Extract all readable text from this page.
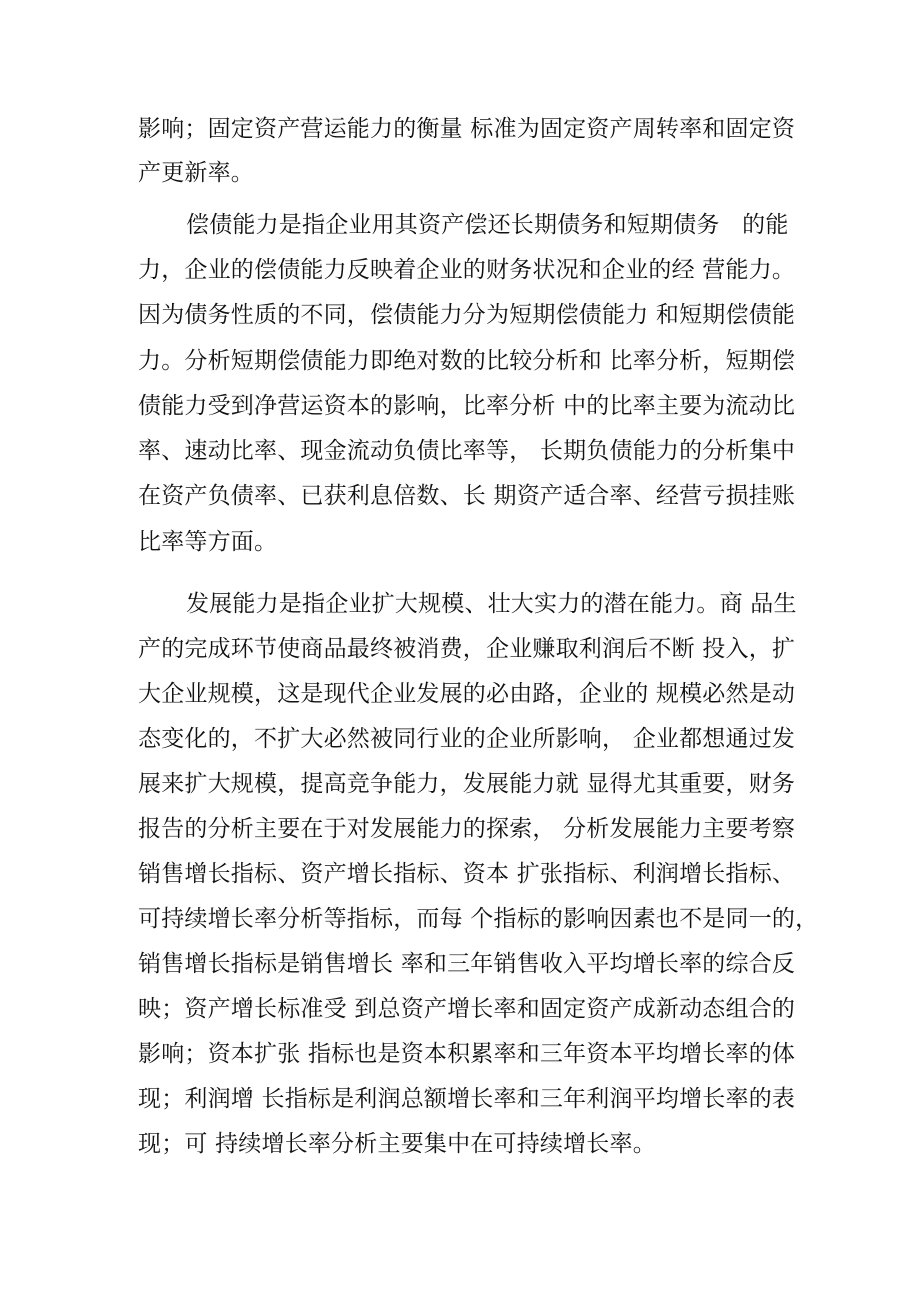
影响；固定资产营运能力的衡量 标准为固定资产周转率和固定资
产更新率。
偿债能力是指企业用其资产偿还长期债务和短期债务   的能
力，企业的偿债能力反映着企业的财务状况和企业的经 营能力。
因为债务性质的不同，偿债能力分为短期偿债能力 和短期偿债能
力。分析短期偿债能力即绝对数的比较分析和 比率分析，短期偿
债能力受到净营运资本的影响，比率分析 中的比率主要为流动比
率、速动比率、现金流动负债比率等， 长期负债能力的分析集中
在资产负债率、已获利息倍数、长 期资产适合率、经营亏损挂账
比率等方面。
发展能力是指企业扩大规模、壮大实力的潜在能力。商 品生
产的完成环节使商品最终被消费，企业赚取利润后不断 投入，扩
大企业规模，这是现代企业发展的必由路，企业的 规模必然是动
态变化的，不扩大必然被同行业的企业所影响， 企业都想通过发
展来扩大规模，提高竞争能力，发展能力就 显得尤其重要，财务
报告的分析主要在于对发展能力的探索， 分析发展能力主要考察
销售增长指标、资产增长指标、资本 扩张指标、利润增长指标、
可持续增长率分析等指标，而每 个指标的影响因素也不是同一的，
销售增长指标是销售增长 率和三年销售收入平均增长率的综合反
映；资产增长标准受 到总资产增长率和固定资产成新动态组合的
影响；资本扩张 指标也是资本积累率和三年资本平均增长率的体
现；利润增 长指标是利润总额增长率和三年利润平均增长率的表
现；可 持续增长率分析主要集中在可持续增长率。
